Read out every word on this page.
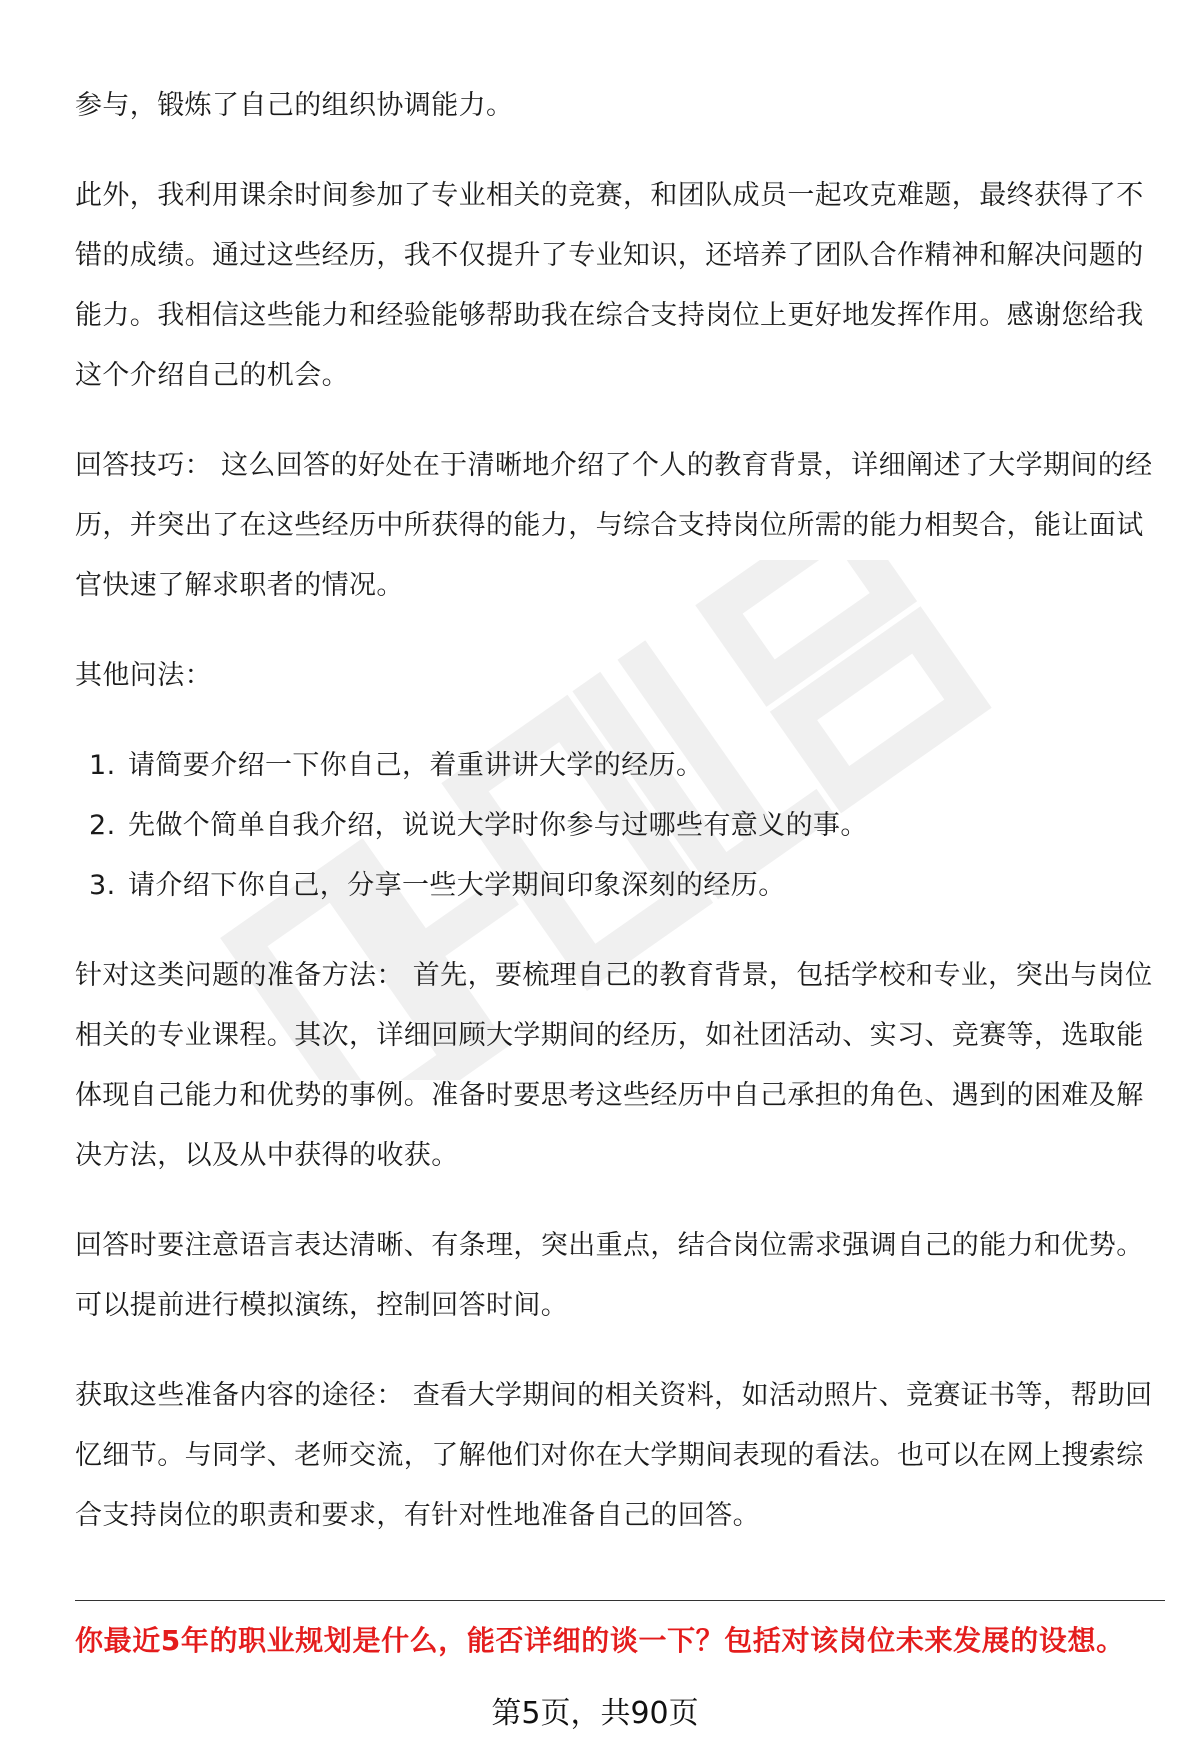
参与，锻炼了自己的组织协调能力。

此外，我利用课余时间参加了专业相关的竞赛，和团队成员一起攻克难题，最终获得了不错的成绩。通过这些经历，我不仅提升了专业知识，还培养了团队合作精神和解决问题的能力。我相信这些能力和经验能够帮助我在综合支持岗位上更好地发挥作用。感谢您给我这个介绍自己的机会。

回答技巧： 这么回答的好处在于清晰地介绍了个人的教育背景，详细阐述了大学期间的经历，并突出了在这些经历中所获得的能力，与综合支持岗位所需的能力相契合，能让面试官快速了解求职者的情况。

其他问法：

1. 请简要介绍一下你自己，着重讲讲大学的经历。
2. 先做个简单自我介绍，说说大学时你参与过哪些有意义的事。
3. 请介绍下你自己，分享一些大学期间印象深刻的经历。

针对这类问题的准备方法： 首先，要梳理自己的教育背景，包括学校和专业，突出与岗位相关的专业课程。其次，详细回顾大学期间的经历，如社团活动、实习、竞赛等，选取能体现自己能力和优势的事例。准备时要思考这些经历中自己承担的角色、遇到的困难及解决方法，以及从中获得的收获。

回答时要注意语言表达清晰、有条理，突出重点，结合岗位需求强调自己的能力和优势。可以提前进行模拟演练，控制回答时间。

获取这些准备内容的途径： 查看大学期间的相关资料，如活动照片、竞赛证书等，帮助回忆细节。与同学、老师交流，了解他们对你在大学期间表现的看法。也可以在网上搜索综合支持岗位的职责和要求，有针对性地准备自己的回答。

你最近5年的职业规划是什么，能否详细的谈一下？包括对该岗位未来发展的设想。
第5页，共90页
